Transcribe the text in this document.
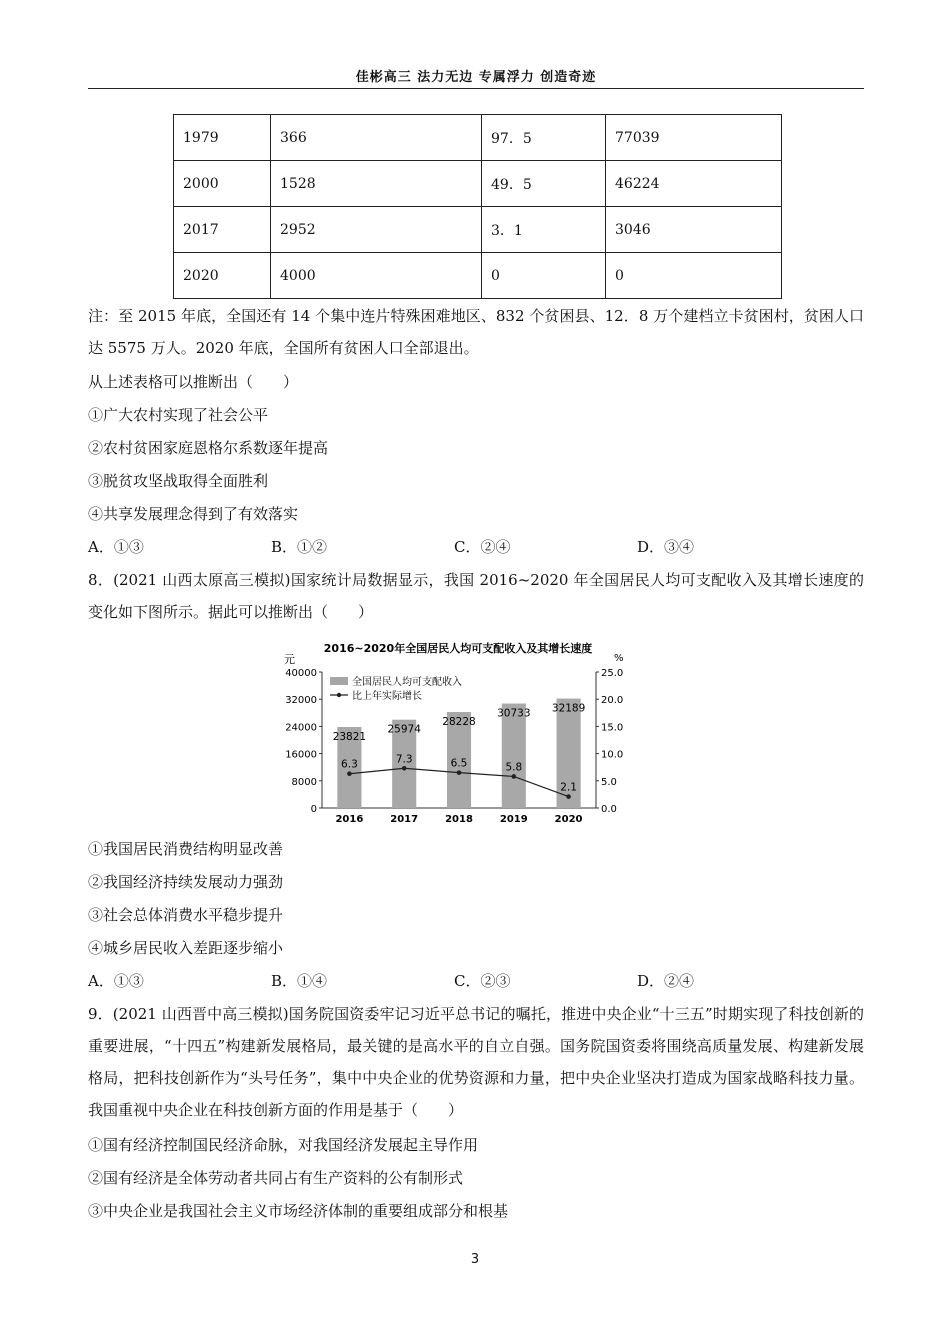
佳彬高三 法力无边 专属浮力 创造奇迹
1979	366	97．5	77039
2000	1528	49．5	46224
2017	2952	3．1	3046
2020	4000	0	0
注：至 2015 年底，全国还有 14 个集中连片特殊困难地区、832 个贫困县、12．8 万个建档立卡贫困村，贫困人口达 5575 万人。2020 年底，全国所有贫困人口全部退出。
从上述表格可以推断出（　　）
①广大农村实现了社会公平
②农村贫困家庭恩格尔系数逐年提高
③脱贫攻坚战取得全面胜利
④共享发展理念得到了有效落实
A．①③	B．①②	C．②④	D．③④
8．(2021 山西太原高三模拟)国家统计局数据显示，我国 2016~2020 年全国居民人均可支配收入及其增长速度的变化如下图所示。据此可以推断出（　　）
2016~2020年全国居民人均可支配收入及其增长速度
元	%
0
8000
16000
24000
32000
40000
0.0
5.0
10.0
15.0
20.0
25.0
23821
25974
28228
30733 32189
6.3	7.3	6.5	5.8
2.1
2016	2017	2018	2019	2020
全国居民人均可支配收入
比上年实际增长
①我国居民消费结构明显改善
②我国经济持续发展动力强劲
③社会总体消费水平稳步提升
④城乡居民收入差距逐步缩小
A．①③	B．①④	C．②③	D．②④
9．(2021 山西晋中高三模拟)国务院国资委牢记习近平总书记的嘱托，推进中央企业“十三五”时期实现了科技创新的重要进展，“十四五”构建新发展格局，最关键的是高水平的自立自强。国务院国资委将围绕高质量发展、构建新发展格局，把科技创新作为“头号任务”，集中中央企业的优势资源和力量，把中央企业坚决打造成为国家战略科技力量。我国重视中央企业在科技创新方面的作用是基于（　　）
①国有经济控制国民经济命脉，对我国经济发展起主导作用
②国有经济是全体劳动者共同占有生产资料的公有制形式
③中央企业是我国社会主义市场经济体制的重要组成部分和根基
3
